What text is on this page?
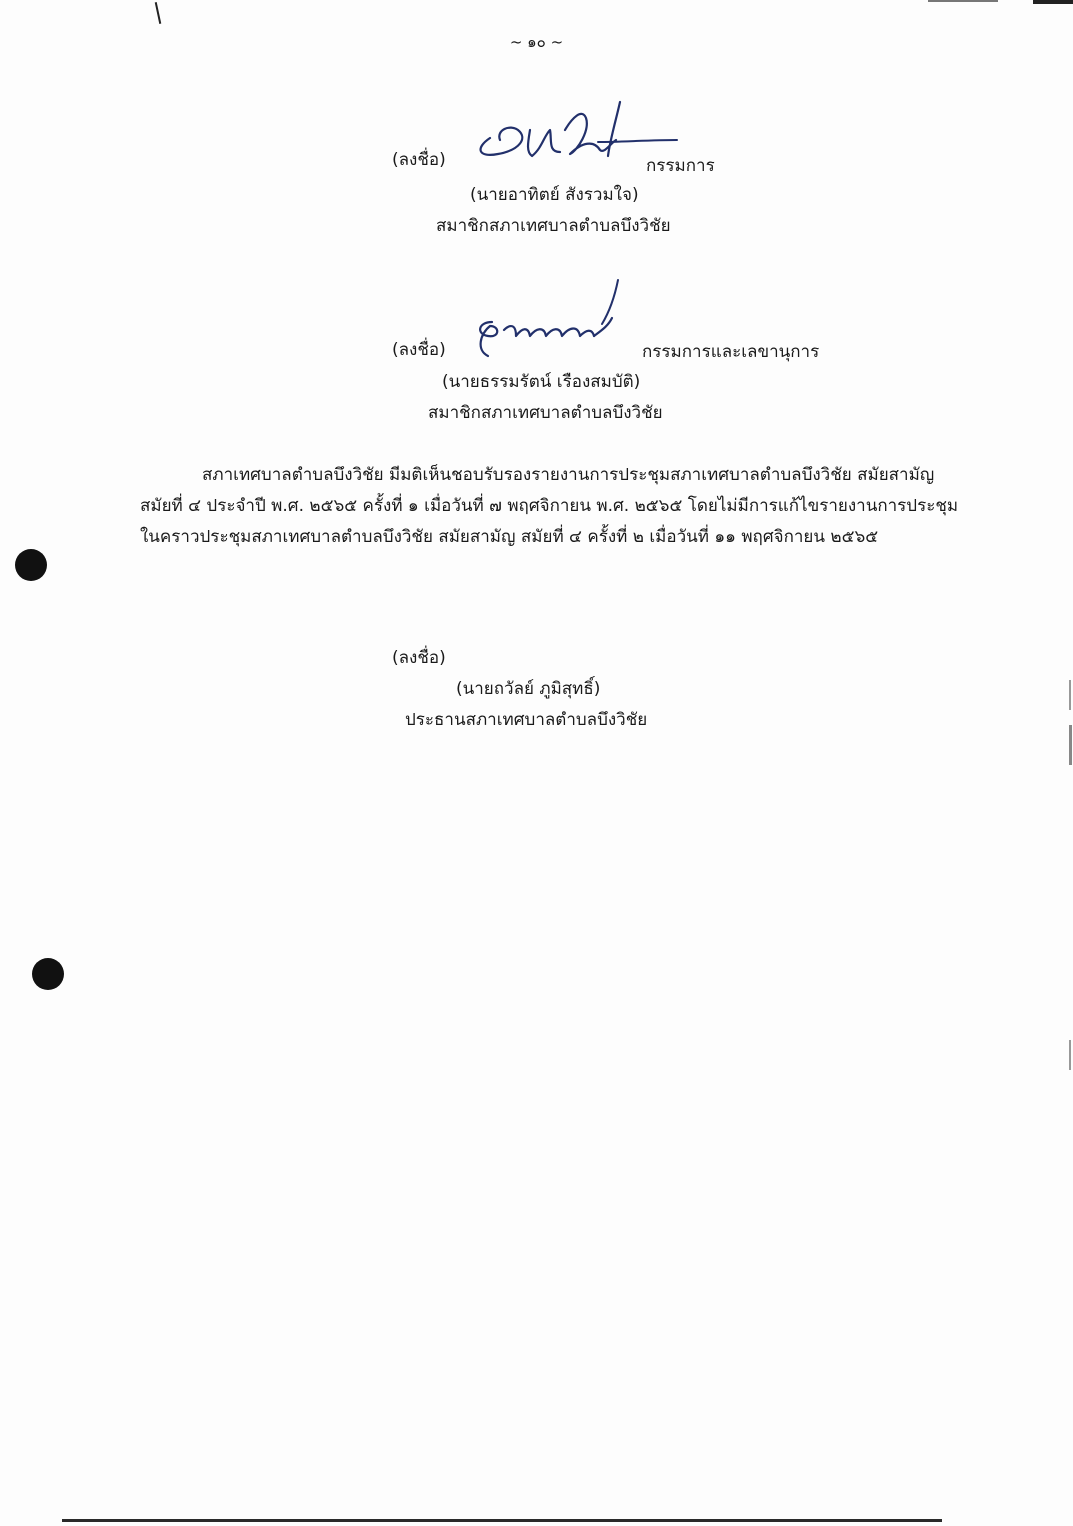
~ ๑๐ ~
(ลงชื่อ)	กรรมการ
(นายอาทิตย์ สังรวมใจ)
สมาชิกสภาเทศบาลตำบลบึงวิชัย
(ลงชื่อ)	กรรมการและเลขานุการ
(นายธรรมรัตน์ เรืองสมบัติ)
สมาชิกสภาเทศบาลตำบลบึงวิชัย
สภาเทศบาลตำบลบึงวิชัย มีมติเห็นชอบรับรองรายงานการประชุมสภาเทศบาลตำบลบึงวิชัย สมัยสามัญ
สมัยที่ ๔ ประจำปี พ.ศ. ๒๕๖๕ ครั้งที่ ๑ เมื่อวันที่ ๗ พฤศจิกายน พ.ศ. ๒๕๖๕ โดยไม่มีการแก้ไขรายงานการประชุม
ในคราวประชุมสภาเทศบาลตำบลบึงวิชัย สมัยสามัญ สมัยที่ ๔ ครั้งที่ ๒ เมื่อวันที่ ๑๑ พฤศจิกายน ๒๕๖๕
(ลงชื่อ)
(นายถวัลย์ ภูมิสุทธิ์)
ประธานสภาเทศบาลตำบลบึงวิชัย
